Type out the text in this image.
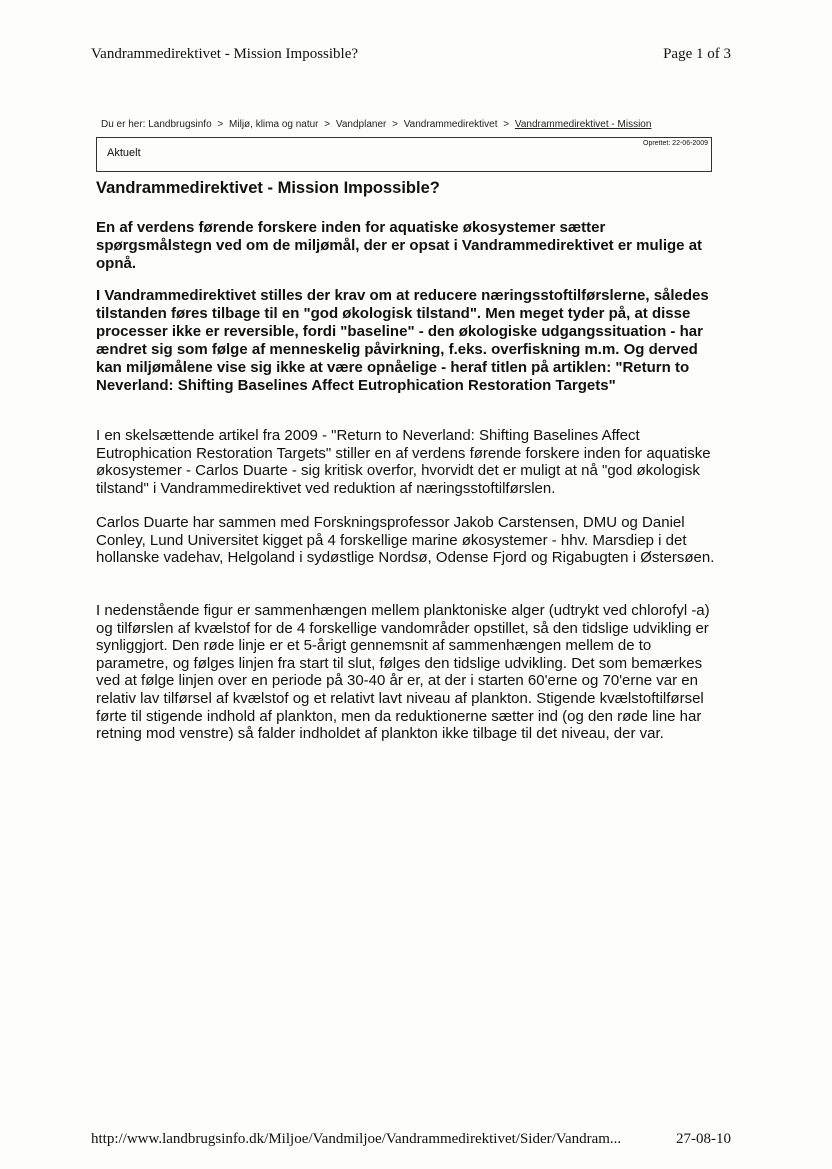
Vandrammedirektivet - Mission Impossible?	Page 1 of 3
Du er her: Landbrugsinfo > Miljø, klima og natur > Vandplaner > Vandrammedirektivet > Vandrammedirektivet - Mission
Aktuelt
Oprettet: 22-06-2009
Vandrammedirektivet - Mission Impossible?

En af verdens førende forskere inden for aquatiske økosystemer sætter spørgsmålstegn ved om de miljømål, der er opsat i Vandrammedirektivet er mulige at opnå.

I Vandrammedirektivet stilles der krav om at reducere næringsstoftilførslerne, således tilstanden føres tilbage til en "god økologisk tilstand". Men meget tyder på, at disse processer ikke er reversible, fordi "baseline" - den økologiske udgangssituation - har ændret sig som følge af menneskelig påvirkning, f.eks. overfiskning m.m. Og derved kan miljømålene vise sig ikke at være opnåelige - heraf titlen på artiklen: "Return to Neverland: Shifting Baselines Affect Eutrophication Restoration Targets"

I en skelsættende artikel fra 2009 - "Return to Neverland: Shifting Baselines Affect Eutrophication Restoration Targets" stiller en af verdens førende forskere inden for aquatiske økosystemer - Carlos Duarte - sig kritisk overfor, hvorvidt det er muligt at nå "god økologisk tilstand" i Vandrammedirektivet ved reduktion af næringsstoftilførslen.

Carlos Duarte har sammen med Forskningsprofessor Jakob Carstensen, DMU og Daniel Conley, Lund Universitet kigget på 4 forskellige marine økosystemer - hhv. Marsdiep i det hollanske vadehav, Helgoland i sydøstlige Nordsø, Odense Fjord og Rigabugten i Østersøen.

I nedenstående figur er sammenhængen mellem planktoniske alger (udtrykt ved chlorofyl -a) og tilførslen af kvælstof for de 4 forskellige vandområder opstillet, så den tidslige udvikling er synliggjort. Den røde linje er et 5-årigt gennemsnit af sammenhængen mellem de to parametre, og følges linjen fra start til slut, følges den tidslige udvikling. Det som bemærkes ved at følge linjen over en periode på 30-40 år er, at der i starten 60'erne og 70'erne var en relativ lav tilførsel af kvælstof og et relativt lavt niveau af plankton. Stigende kvælstoftilførsel førte til stigende indhold af plankton, men da reduktionerne sætter ind (og den røde line har retning mod venstre) så falder indholdet af plankton ikke tilbage til det niveau, der var.

http://www.landbrugsinfo.dk/Miljoe/Vandmiljoe/Vandrammedirektivet/Sider/Vandram...	27-08-10
